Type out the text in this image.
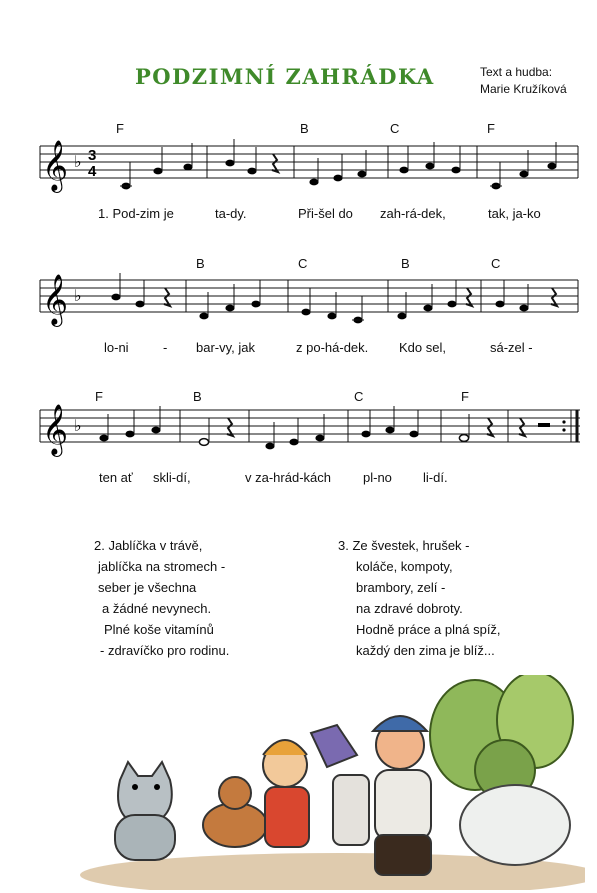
PODZIMNÍ ZAHRÁDKA	Text a hudba:
Marie Kružíková
𝄞 ♭ 3
4
F	B	C	F
1. Pod-zim je	ta-dy.	Při-šel do zah-rá-dek,	tak, ja-ko
𝄞 ♭
B	C	B	C
lo-ni	- bar-vy, jak	z po-há-dek. Kdo sel,	sá-zel -
𝄞 ♭
F	B	C	F
ten ať skli-dí,	v za-hrád-kách pl-no li-dí.
2. Jablíčka v trávě,
jablíčka na stromech -
seber je všechna
a žádné nevynech.
Plné koše vitamínů
- zdravíčko pro rodinu.
3. Ze švestek, hrušek -
koláče, kompoty,
brambory, zelí -
na zdravé dobroty.
Hodně práce a plná spíž,
každý den zima je blíž...
